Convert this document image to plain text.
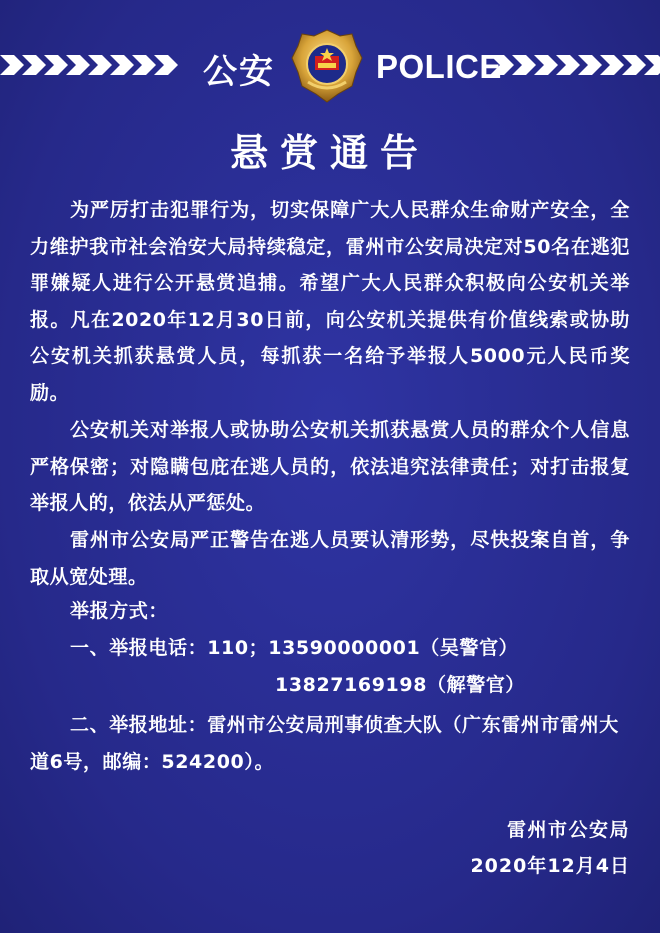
公安	POLICE
悬赏通告

为严厉打击犯罪行为，切实保障广大人民群众生命财产安全，全力维护我市社会治安大局持续稳定，雷州市公安局决定对50名在逃犯罪嫌疑人进行公开悬赏追捕。希望广大人民群众积极向公安机关举报。凡在2020年12月30日前，向公安机关提供有价值线索或协助公安机关抓获悬赏人员，每抓获一名给予举报人5000元人民币奖励。

公安机关对举报人或协助公安机关抓获悬赏人员的群众个人信息严格保密；对隐瞒包庇在逃人员的，依法追究法律责任；对打击报复举报人的，依法从严惩处。

雷州市公安局严正警告在逃人员要认清形势，尽快投案自首，争取从宽处理。

举报方式：
一、举报电话：110；13590000001（吴警官）
13827169198（解警官）
二、举报地址：雷州市公安局刑事侦查大队（广东雷州市雷州大道6号，邮编：524200）。
雷州市公安局
2020年12月4日
